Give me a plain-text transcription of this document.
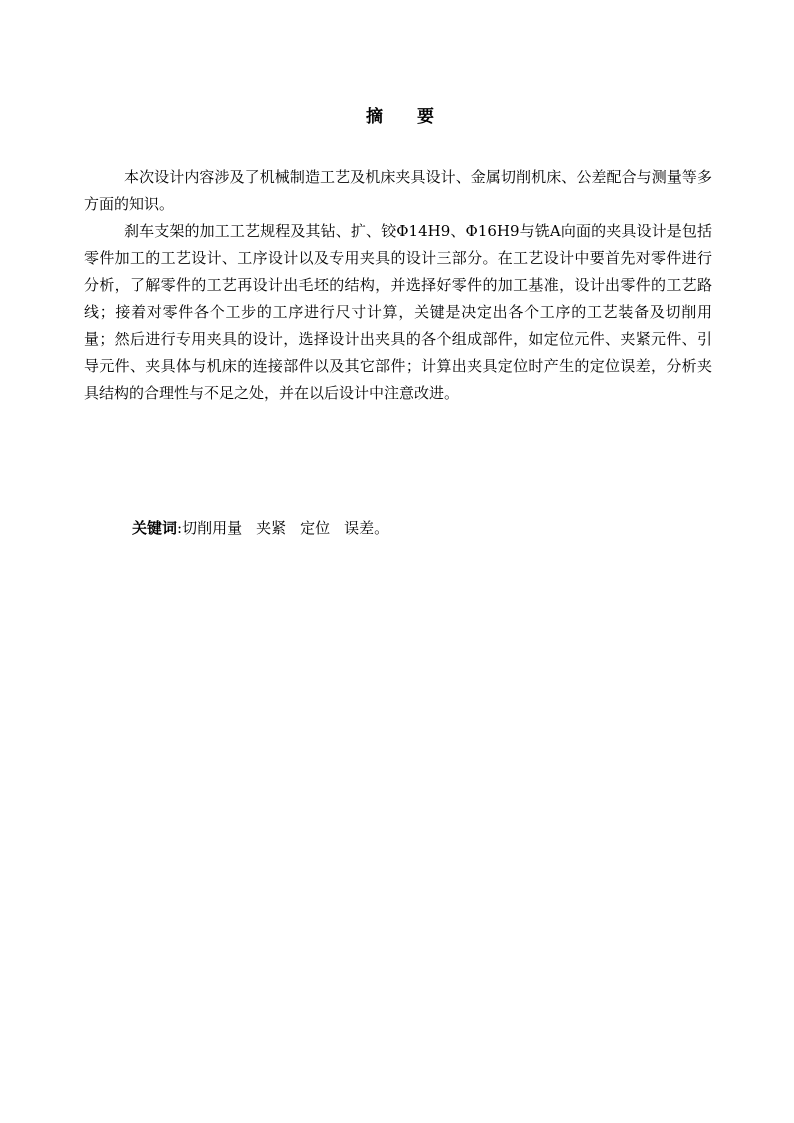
摘 要

本次设计内容涉及了机械制造工艺及机床夹具设计、金属切削机床、公差配合与测量等多方面的知识。

刹车支架的加工工艺规程及其钻、扩、铰Φ14H9、Φ16H9与铣A向面的夹具设计是包括零件加工的工艺设计、工序设计以及专用夹具的设计三部分。在工艺设计中要首先对零件进行分析，了解零件的工艺再设计出毛坯的结构，并选择好零件的加工基准，设计出零件的工艺路线；接着对零件各个工步的工序进行尺寸计算，关键是决定出各个工序的工艺装备及切削用量；然后进行专用夹具的设计，选择设计出夹具的各个组成部件，如定位元件、夹紧元件、引导元件、夹具体与机床的连接部件以及其它部件；计算出夹具定位时产生的定位误差，分析夹具结构的合理性与不足之处，并在以后设计中注意改进。

关键词:切削用量 夹紧 定位 误差。
